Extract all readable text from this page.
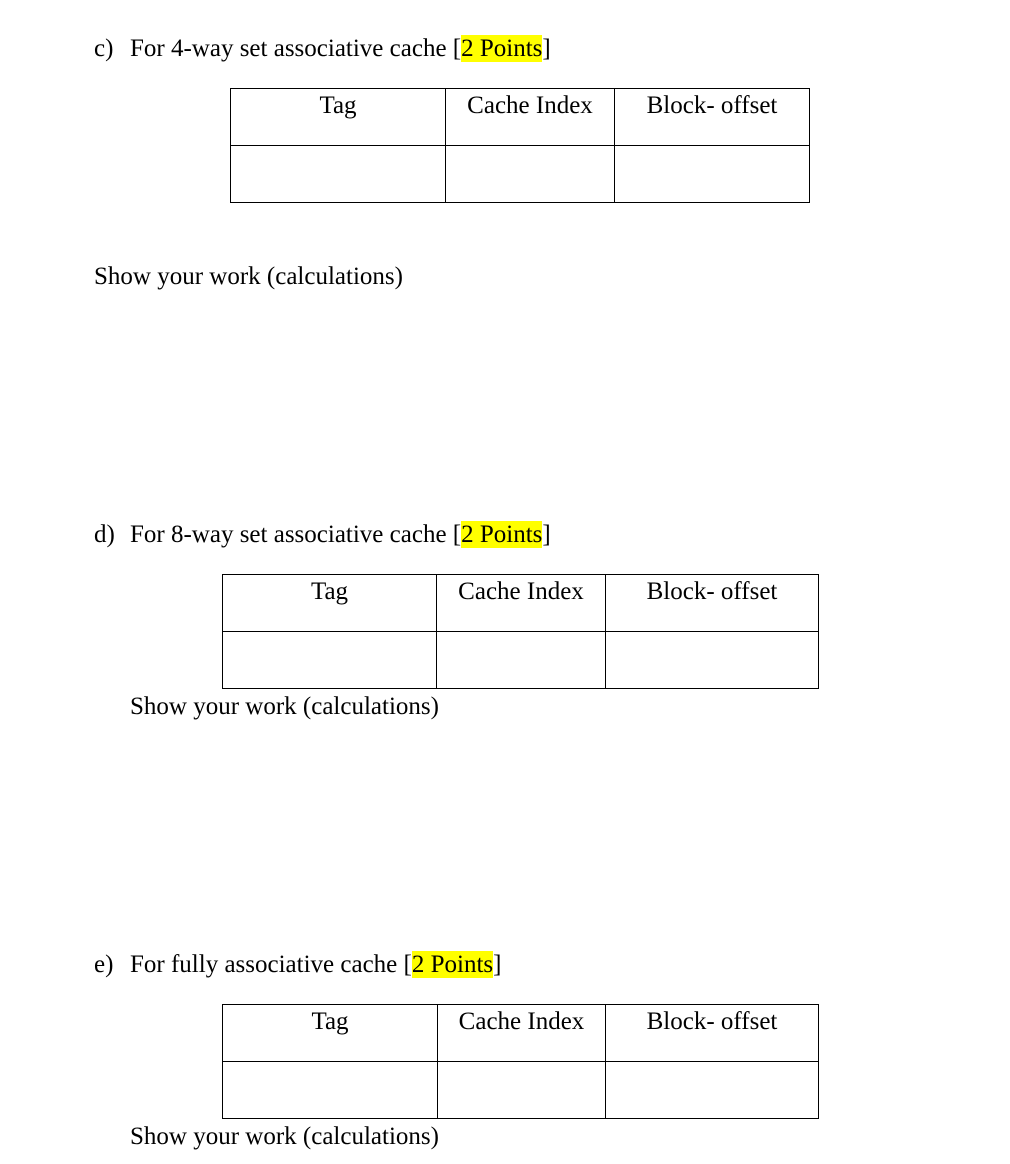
c) For 4-way set associative cache [2 Points]
Tag	Cache Index	Block- offset

Show your work (calculations)
d) For 8-way set associative cache [2 Points]
Tag	Cache Index	Block- offset

Show your work (calculations)
e) For fully associative cache [2 Points]
Tag	Cache Index	Block- offset

Show your work (calculations)
